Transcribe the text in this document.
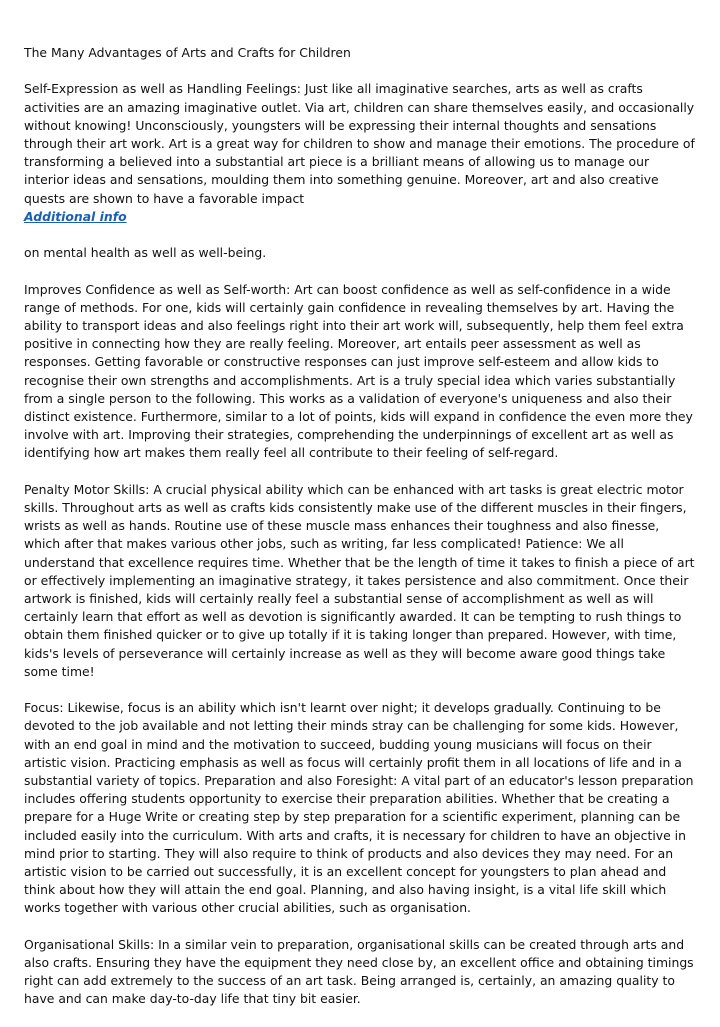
The Many Advantages of Arts and Crafts for Children

Self-Expression as well as Handling Feelings: Just like all imaginative searches, arts as well as crafts activities are an amazing imaginative outlet. Via art, children can share themselves easily, and occasionally without knowing! Unconsciously, youngsters will be expressing their internal thoughts and sensations through their art work. Art is a great way for children to show and manage their emotions. The procedure of transforming a believed into a substantial art piece is a brilliant means of allowing us to manage our interior ideas and sensations, moulding them into something genuine. Moreover, art and also creative quests are shown to have a favorable impact

Additional info

on mental health as well as well-being.

Improves Confidence as well as Self-worth: Art can boost confidence as well as self-confidence in a wide range of methods. For one, kids will certainly gain confidence in revealing themselves by art. Having the ability to transport ideas and also feelings right into their art work will, subsequently, help them feel extra positive in connecting how they are really feeling. Moreover, art entails peer assessment as well as responses. Getting favorable or constructive responses can just improve self-esteem and allow kids to recognise their own strengths and accomplishments. Art is a truly special idea which varies substantially from a single person to the following. This works as a validation of everyone's uniqueness and also their distinct existence. Furthermore, similar to a lot of points, kids will expand in confidence the even more they involve with art. Improving their strategies, comprehending the underpinnings of excellent art as well as identifying how art makes them really feel all contribute to their feeling of self-regard.

Penalty Motor Skills: A crucial physical ability which can be enhanced with art tasks is great electric motor skills. Throughout arts as well as crafts kids consistently make use of the different muscles in their fingers, wrists as well as hands. Routine use of these muscle mass enhances their toughness and also finesse, which after that makes various other jobs, such as writing, far less complicated! Patience: We all understand that excellence requires time. Whether that be the length of time it takes to finish a piece of art or effectively implementing an imaginative strategy, it takes persistence and also commitment. Once their artwork is finished, kids will certainly really feel a substantial sense of accomplishment as well as will certainly learn that effort as well as devotion is significantly awarded. It can be tempting to rush things to obtain them finished quicker or to give up totally if it is taking longer than prepared. However, with time, kids's levels of perseverance will certainly increase as well as they will become aware good things take some time!

Focus: Likewise, focus is an ability which isn't learnt over night; it develops gradually. Continuing to be devoted to the job available and not letting their minds stray can be challenging for some kids. However, with an end goal in mind and the motivation to succeed, budding young musicians will focus on their artistic vision. Practicing emphasis as well as focus will certainly profit them in all locations of life and in a substantial variety of topics. Preparation and also Foresight: A vital part of an educator's lesson preparation includes offering students opportunity to exercise their preparation abilities. Whether that be creating a prepare for a Huge Write or creating step by step preparation for a scientific experiment, planning can be included easily into the curriculum. With arts and crafts, it is necessary for children to have an objective in mind prior to starting. They will also require to think of products and also devices they may need. For an artistic vision to be carried out successfully, it is an excellent concept for youngsters to plan ahead and think about how they will attain the end goal. Planning, and also having insight, is a vital life skill which works together with various other crucial abilities, such as organisation.

Organisational Skills: In a similar vein to preparation, organisational skills can be created through arts and also crafts. Ensuring they have the equipment they need close by, an excellent office and obtaining timings right can add extremely to the success of an art task. Being arranged is, certainly, an amazing quality to have and can make day-to-day life that tiny bit easier.
